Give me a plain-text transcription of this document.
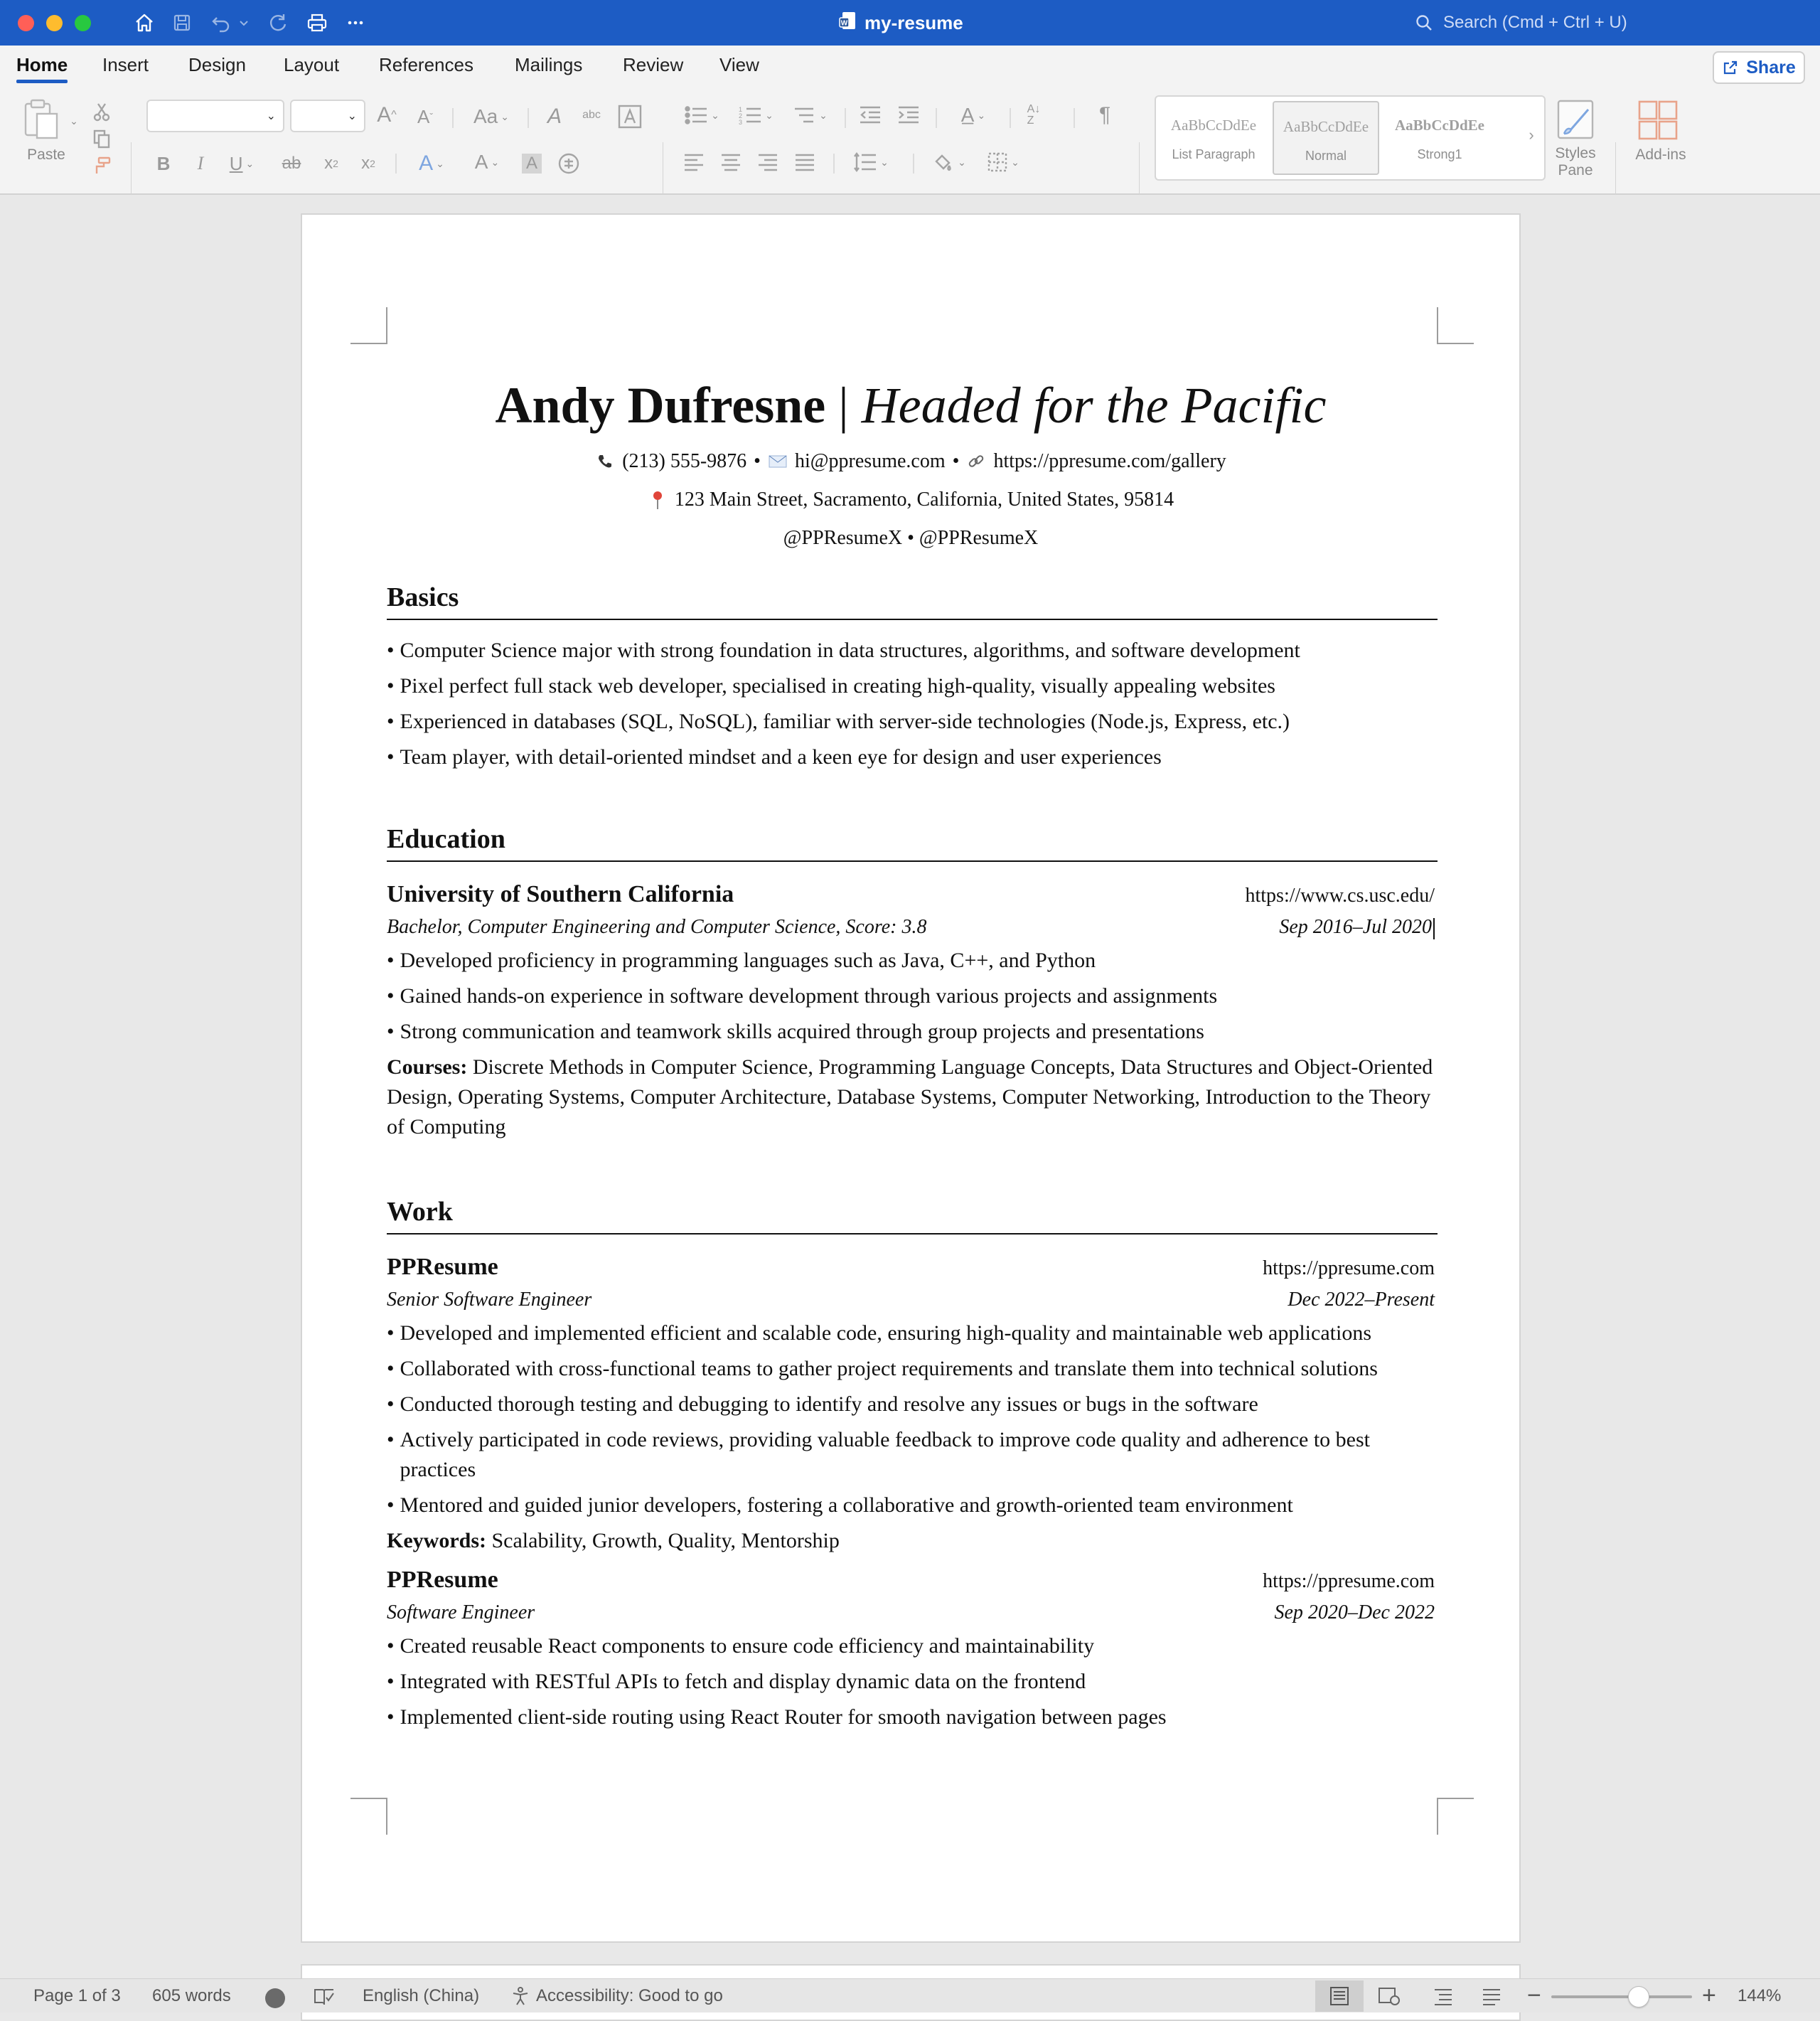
W my-resume	Search (Cmd + Ctrl + U)
Home Insert Design Layout References Mailings Review View	Share
⌄
Paste
⌄	⌄ A ^	A ˇ	Aa ⌄	A	abc
B	I	U ⌄ ab	x 2	x 2	A ⌄	A ⌄ A
⌄	1
2
3
⌄	⌄	A̲ ⌄	A↓
Z	¶
⌄	⌄	⌄
AaBbCcDdEe
List Paragraph
AaBbCcDdEe
Normal
AaBbCcDdEe
Strong1
›
Styles
Pane
Add-ins
Andy Dufresne | Headed for the Pacific
(213) 555-9876 • hi@ppresume.com • https://ppresume.com/gallery
123 Main Street, Sacramento, California, United States, 95814
@PPResumeX • @PPResumeX
Basics
• Computer Science major with strong foundation in data structures, algorithms, and software development
• Pixel perfect full stack web developer, specialised in creating high-quality, visually appealing websites
• Experienced in databases (SQL, NoSQL), familiar with server-side technologies (Node.js, Express, etc.)
• Team player, with detail-oriented mindset and a keen eye for design and user experiences
Education
University of Southern California	https://www.cs.usc.edu/
Bachelor, Computer Engineering and Computer Science, Score: 3.8	Sep 2016–Jul 2020
• Developed proficiency in programming languages such as Java, C++, and Python
• Gained hands-on experience in software development through various projects and assignments
• Strong communication and teamwork skills acquired through group projects and presentations
Courses: Discrete Methods in Computer Science, Programming Language Concepts, Data Structures and Object-Oriented Design, Operating Systems, Computer Architecture, Database Systems, Computer Networking, Introduction to the Theory of Computing
Work
PPResume	https://ppresume.com
Senior Software Engineer	Dec 2022–Present
• Developed and implemented efficient and scalable code, ensuring high-quality and maintainable web applications
• Collaborated with cross-functional teams to gather project requirements and translate them into technical solutions
• Conducted thorough testing and debugging to identify and resolve any issues or bugs in the software
• Actively participated in code reviews, providing valuable feedback to improve code quality and adherence to best practices
• Mentored and guided junior developers, fostering a collaborative and growth-oriented team environment
Keywords: Scalability, Growth, Quality, Mentorship
PPResume	https://ppresume.com
Software Engineer	Sep 2020–Dec 2022
• Created reusable React components to ensure code efficiency and maintainability
• Integrated with RESTful APIs to fetch and display dynamic data on the frontend
• Implemented client-side routing using React Router for smooth navigation between pages
Page 1 of 3 605 words	English (China)	Accessibility: Good to go	−	+ 144%
